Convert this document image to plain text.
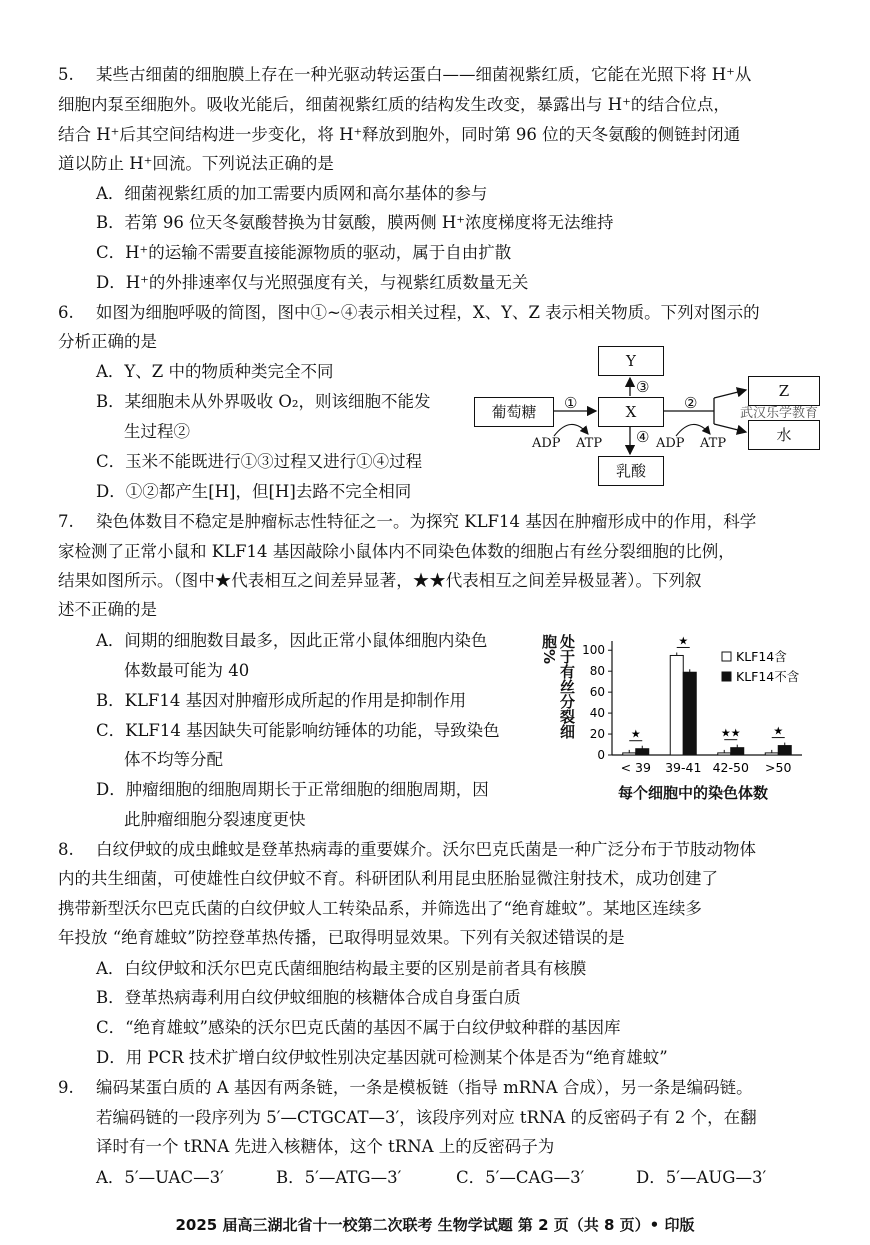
5. 某些古细菌的细胞膜上存在一种光驱动转运蛋白——细菌视紫红质，它能在光照下将 H⁺从
细胞内泵至细胞外。吸收光能后，细菌视紫红质的结构发生改变，暴露出与 H⁺的结合位点，
结合 H⁺后其空间结构进一步变化，将 H⁺释放到胞外，同时第 96 位的天冬氨酸的侧链封闭通
道以防止 H⁺回流。下列说法正确的是
A．细菌视紫红质的加工需要内质网和高尔基体的参与
B．若第 96 位天冬氨酸替换为甘氨酸，膜两侧 H⁺浓度梯度将无法维持
C．H⁺的运输不需要直接能源物质的驱动，属于自由扩散
D．H⁺的外排速率仅与光照强度有关，与视紫红质数量无关
6. 如图为细胞呼吸的简图，图中①~④表示相关过程，X、Y、Z 表示相关物质。下列对图示的
分析正确的是
A．Y、Z 中的物质种类完全不同
B．某细胞未从外界吸收 O₂，则该细胞不能发
生过程②
C．玉米不能既进行①③过程又进行①④过程
D．①②都产生[H]，但[H]去路不完全相同
葡萄糖	X
Y
乳酸
Z
水
①	②
③
④
ADP ATP	ADP ATP
武汉乐学教育
7. 染色体数目不稳定是肿瘤标志性特征之一。为探究 KLF14 基因在肿瘤形成中的作用，科学
家检测了正常小鼠和 KLF14 基因敲除小鼠体内不同染色体数的细胞占有丝分裂细胞的比例，
结果如图所示。（图中★代表相互之间差异显著，★★代表相互之间差异极显著）。下列叙
述不正确的是
A．间期的细胞数目最多，因此正常小鼠体细胞内染色
体数最可能为 40
B．KLF14 基因对肿瘤形成所起的作用是抑制作用
C．KLF14 基因缺失可能影响纺锤体的功能，导致染色
体不均等分配
D．肿瘤细胞的细胞周期长于正常细胞的细胞周期，因
此肿瘤细胞分裂速度更快
处于有丝分裂细胞%
0
20
40
60
80
100
★
< 39
★
39-41
★★
42-50
★
>50
KLF14含
KLF14不含
每个细胞中的染色体数
8. 白纹伊蚊的成虫雌蚊是登革热病毒的重要媒介。沃尔巴克氏菌是一种广泛分布于节肢动物体
内的共生细菌，可使雄性白纹伊蚊不育。科研团队利用昆虫胚胎显微注射技术，成功创建了
携带新型沃尔巴克氏菌的白纹伊蚊人工转染品系，并筛选出了“绝育雄蚊”。某地区连续多
年投放 “绝育雄蚊”防控登革热传播，已取得明显效果。下列有关叙述错误的是
A．白纹伊蚊和沃尔巴克氏菌细胞结构最主要的区别是前者具有核膜
B．登革热病毒利用白纹伊蚊细胞的核糖体合成自身蛋白质
C．“绝育雄蚊”感染的沃尔巴克氏菌的基因不属于白纹伊蚊种群的基因库
D．用 PCR 技术扩增白纹伊蚊性别决定基因就可检测某个体是否为“绝育雄蚊”
9. 编码某蛋白质的 A 基因有两条链，一条是模板链（指导 mRNA 合成），另一条是编码链。
若编码链的一段序列为 5′—CTGCAT—3′，该段序列对应 tRNA 的反密码子有 2 个，在翻
译时有一个 tRNA 先进入核糖体，这个 tRNA 上的反密码子为
A．5′—UAC—3′	B．5′—ATG—3′	C．5′—CAG—3′	D．5′—AUG—3′
2025 届高三湖北省十一校第二次联考 生物学试题 第 2 页（共 8 页）• 印版
